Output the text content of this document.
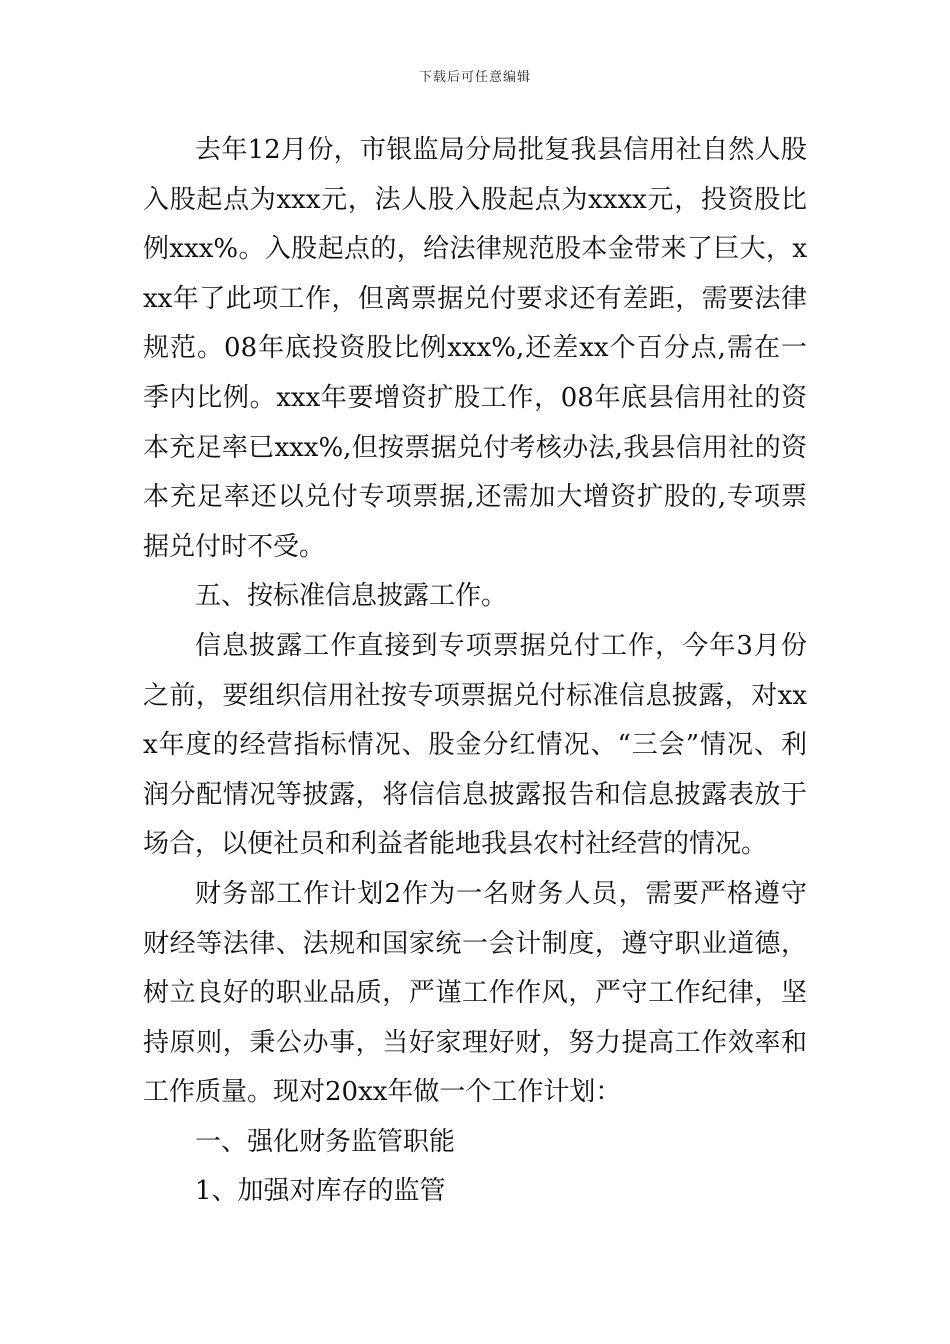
下载后可任意编辑

去年12月份，市银监局分局批复我县信用社自然人股入股起点为xxx元，法人股入股起点为xxxx元，投资股比例xxx%。入股起点的，给法律规范股本金带来了巨大，xxx年了此项工作，但离票据兑付要求还有差距，需要法律规范。08年底投资股比例xxx%,还差xx个百分点,需在一季内比例。xxx年要增资扩股工作，08年底县信用社的资本充足率已xxx%,但按票据兑付考核办法,我县信用社的资本充足率还以兑付专项票据,还需加大增资扩股的,专项票据兑付时不受。

五、按标准信息披露工作。

信息披露工作直接到专项票据兑付工作，今年3月份之前，要组织信用社按专项票据兑付标准信息披露，对xxx年度的经营指标情况、股金分红情况、“三会”情况、利润分配情况等披露，将信信息披露报告和信息披露表放于场合，以便社员和利益者能地我县农村社经营的情况。

财务部工作计划2作为一名财务人员，需要严格遵守财经等法律、法规和国家统一会计制度，遵守职业道德，树立良好的职业品质，严谨工作作风，严守工作纪律，坚持原则，秉公办事，当好家理好财，努力提高工作效率和工作质量。现对20xx年做一个工作计划：

一、强化财务监管职能

1、加强对库存的监管
